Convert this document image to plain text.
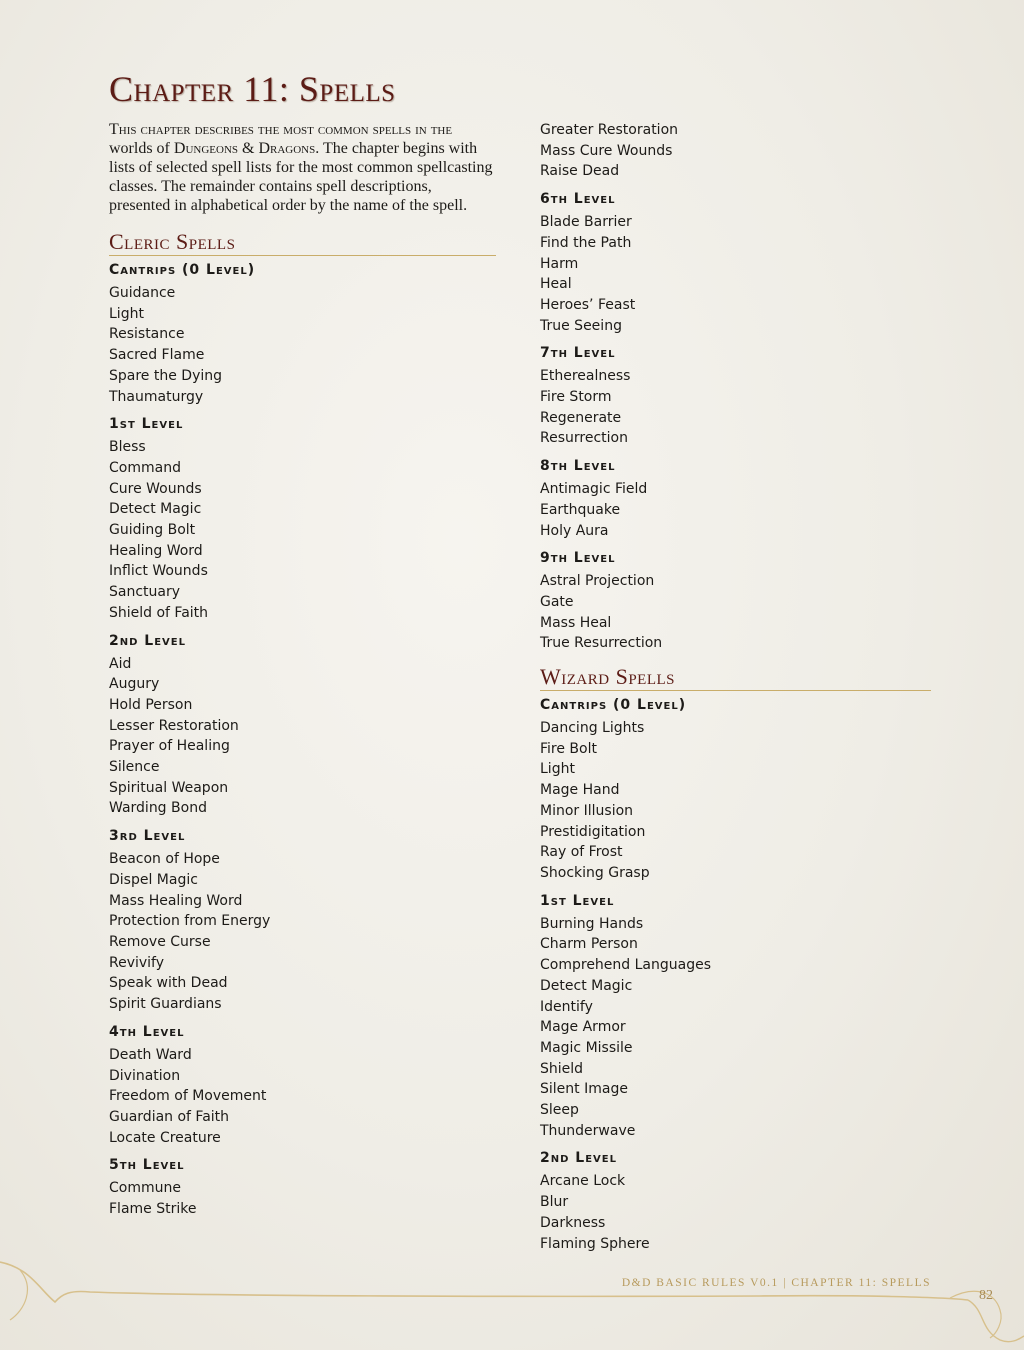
Chapter 11: Spells

This chapter describes the most common spells in the worlds of Dungeons & Dragons. The chapter begins with lists of selected spell lists for the most common spellcasting classes. The remainder contains spell descriptions, presented in alphabetical order by the name of the spell.

Cleric Spells
Cantrips (0 Level)
Guidance
Light
Resistance
Sacred Flame
Spare the Dying
Thaumaturgy
1st Level
Bless
Command
Cure Wounds
Detect Magic
Guiding Bolt
Healing Word
Inflict Wounds
Sanctuary
Shield of Faith
2nd Level
Aid
Augury
Hold Person
Lesser Restoration
Prayer of Healing
Silence
Spiritual Weapon
Warding Bond
3rd Level
Beacon of Hope
Dispel Magic
Mass Healing Word
Protection from Energy
Remove Curse
Revivify
Speak with Dead
Spirit Guardians
4th Level
Death Ward
Divination
Freedom of Movement
Guardian of Faith
Locate Creature
5th Level
Commune
Flame Strike
Greater Restoration
Mass Cure Wounds
Raise Dead
6th Level
Blade Barrier
Find the Path
Harm
Heal
Heroes’ Feast
True Seeing
7th Level
Etherealness
Fire Storm
Regenerate
Resurrection
8th Level
Antimagic Field
Earthquake
Holy Aura
9th Level
Astral Projection
Gate
Mass Heal
True Resurrection
Wizard Spells
Cantrips (0 Level)
Dancing Lights
Fire Bolt
Light
Mage Hand
Minor Illusion
Prestidigitation
Ray of Frost
Shocking Grasp
1st Level
Burning Hands
Charm Person
Comprehend Languages
Detect Magic
Identify
Mage Armor
Magic Missile
Shield
Silent Image
Sleep
Thunderwave
2nd Level
Arcane Lock
Blur
Darkness
Flaming Sphere
D&D BASIC RULES V0.1 | CHAPTER 11: SPELLS
82
